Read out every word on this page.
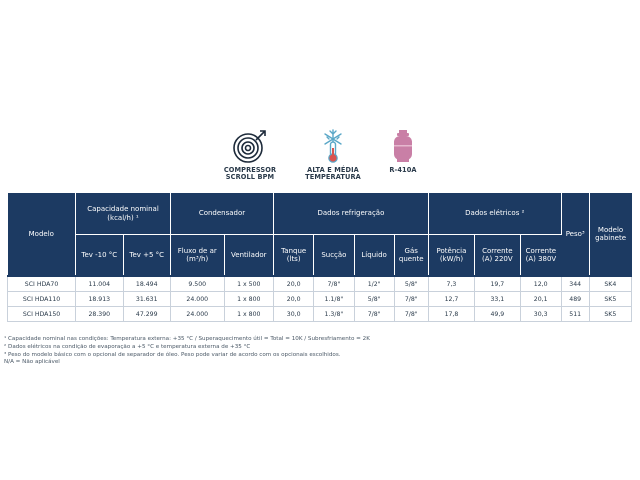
COMPRESSOR
SCROLL BPM
ALTA E MÉDIA
TEMPERATURA
R-410A
Modelo	Capacidade nominal (kcal/h) ¹		Condensador		Dados refrigeração				Dados elétricos ²			Peso³	Modelo gabinete
	Tev -10 °C	Tev +5 °C	Fluxo de ar (m³/h)	Ventilador	Tanque (lts)	Sucção	Líquido	Gás quente	Potência (kW/h)	Corrente (A) 220V	Corrente (A) 380V		
SCI HDA70	11.004	18.494	9.500	1 x 500	20,0	7/8"	1/2"	5/8"	7,3	19,7	12,0	344	SK4
SCI HDA110	18.913	31.631	24.000	1 x 800	20,0	1.1/8"	5/8"	7/8"	12,7	33,1	20,1	489	SK5
SCI HDA150	28.390	47.299	24.000	1 x 800	30,0	1.3/8"	7/8"	7/8"	17,8	49,9	30,3	511	SK5
¹ Capacidade nominal nas condições: Temperatura externa: +35 °C / Superaquecimento útil = Total = 10K / Subresfriamento = 2K
² Dados elétricos na condição de evaporação a +5 °C e temperatura externa de +35 °C
³ Peso do modelo básico com o opcional de separador de óleo. Peso pode variar de acordo com os opcionais escolhidos.
N/A = Não aplicável
